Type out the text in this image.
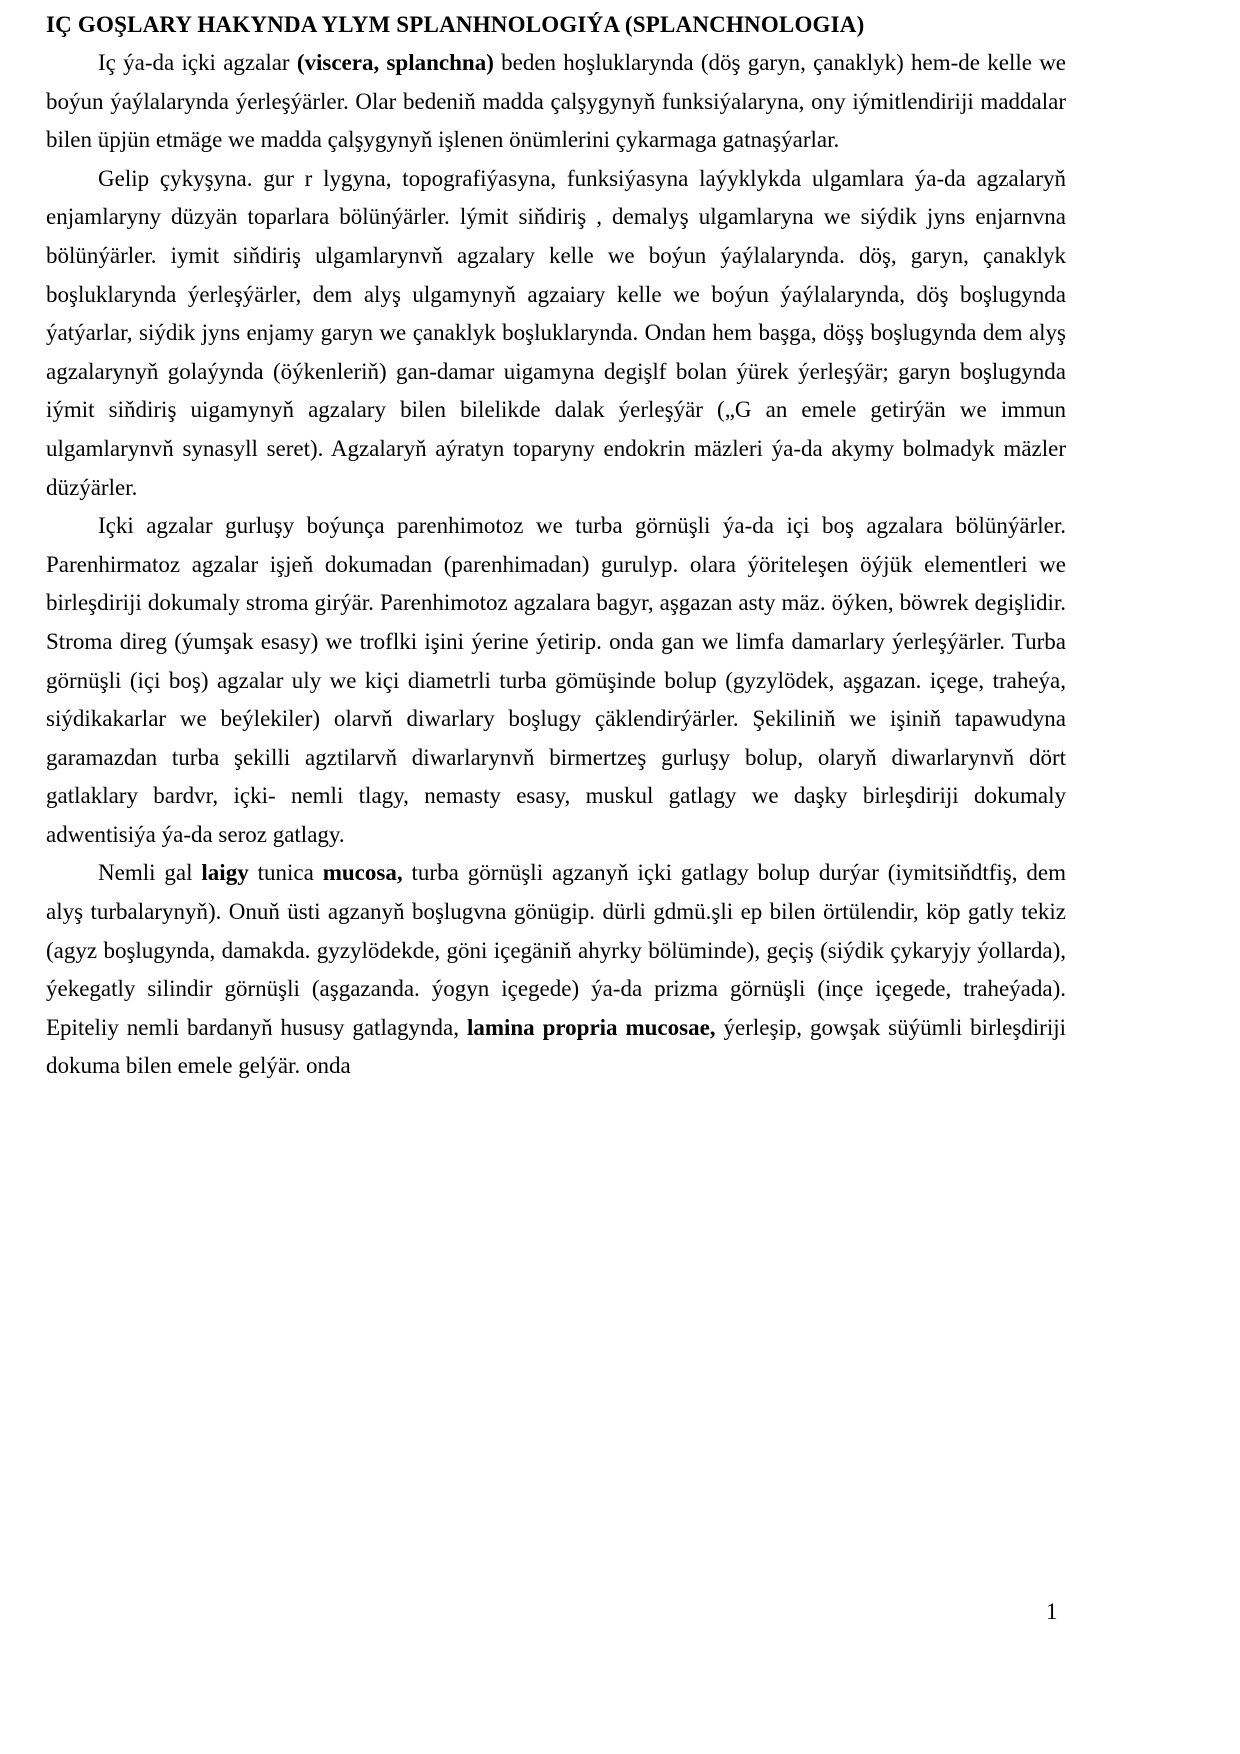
IÇ GOŞLARY HAKYNDA YLYM SPLANHNOLOGIÝA (SPLANCHNOLOGIA)

Iç ýa-da içki agzalar (viscera, splanchna) beden hoşluklarynda (döş garyn, çanaklyk) hem-de kelle we boýun ýaýlalarynda ýerleşýärler. Olar bedeniň madda çalşygynyň funksiýalaryna, ony iýmitlendiriji maddalar bilen üpjün etmäge we madda çalşygynyň işlenen önümlerini çykarmaga gatnaşýarlar.

Gelip çykyşyna. gur r lygyna, topografiýasyna, funksiýasyna laýyklykda ulgamlara ýa-da agzalaryň enjamlaryny düzyän toparlara bölünýärler. lýmit siňdiriş , demalyş ulgamlaryna we siýdik jyns enjarnvna bölünýärler. iymit siňdiriş ulgamlarynvň agzalary kelle we boýun ýaýlalarynda. döş, garyn, çanaklyk boşluklarynda ýerleşýärler, dem alyş ulgamynyň agzaiary kelle we boýun ýaýlalarynda, döş boşlugynda ýatýarlar, siýdik jyns enjamy garyn we çanaklyk boşluklarynda. Ondan hem başga, döşş boşlugynda dem alyş agzalarynyň golaýynda (öýkenleriň) gan-damar uigamyna degişlf bolan ýürek ýerleşýär; garyn boşlugynda iýmit siňdiriş uigamynyň agzalary bilen bilelikde dalak ýerleşýär („G an emele getirýän we immun ulgamlarynvň synasyll seret). Agzalaryň aýratyn toparyny endokrin mäzleri ýa-da akymy bolmadyk mäzler düzýärler.

Içki agzalar gurluşy boýunça parenhimotoz we turba görnüşli ýa-da içi boş agzalara bölünýärler. Parenhirmatoz agzalar işjeň dokumadan (parenhimadan) gurulyp. olara ýöriteleşen öýjük elementleri we birleşdiriji dokumaly stroma girýär. Parenhimotoz agzalara bagyr, aşgazan asty mäz. öýken, böwrek degişlidir. Stroma direg (ýumşak esasy) we troflki işini ýerine ýetirip. onda gan we limfa damarlary ýerleşýärler. Turba görnüşli (içi boş) agzalar uly we kiçi diametrli turba gömüşinde bolup (gyzylödek, aşgazan. içege, traheýa, siýdikakarlar we beýlekiler) olarvň diwarlary boşlugy çäklendirýärler. Şekiliniň we işiniň tapawudyna garamazdan turba şekilli agztilarvň diwarlarynvň birmertzeş gurluşy bolup, olaryň diwarlarynvň dört gatlaklary bardvr, içki- nemli tlagy, nemasty esasy, muskul gatlagy we daşky birleşdiriji dokumaly adwentisiýa ýa-da seroz gatlagy.

Nemli gal laigy tunica mucosa, turba görnüşli agzanyň içki gatlagy bolup durýar (iymitsiňdtfiş, dem alyş turbalarynyň). Onuň üsti agzanyň boşlugvna gönügip. dürli gdmü.şli ep bilen örtülendir, köp gatly tekiz (agyz boşlugynda, damakda. gyzylödekde, göni içegäniň ahyrky bölüminde), geçiş (siýdik çykaryjy ýollarda), ýekegatly silindir görnüşli (aşgazanda. ýogyn içegede) ýa-da prizma görnüşli (inçe içegede, traheýada). Epiteliy nemli bardanyň hususy gatlagynda, lamina propria mucosae, ýerleşip, gowşak süýümli birleşdiriji dokuma bilen emele gelýär. onda

1
